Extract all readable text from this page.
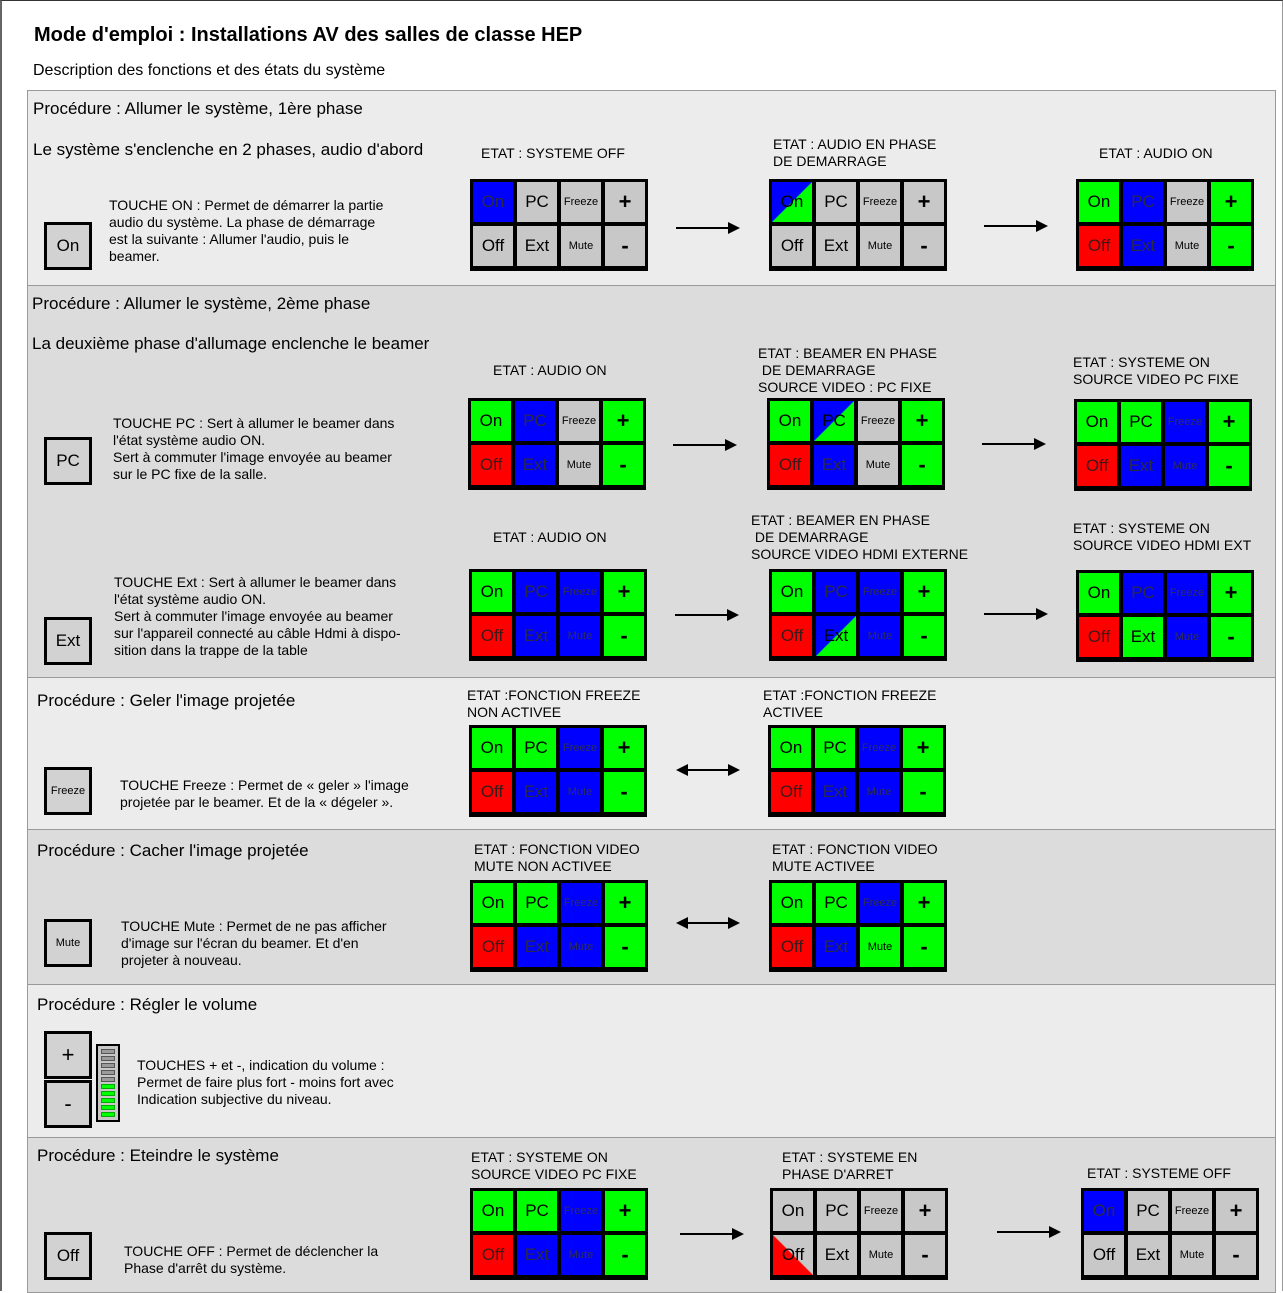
Mode d'emploi : Installations AV des salles de classe HEP
Description des fonctions et des états du système
Procédure : Allumer le système, 1ère phase
Le système s'enclenche en 2 phases, audio d'abord
On
TOUCHE ON : Permet de démarrer la partie
audio du système. La phase de démarrage
est la suivante : Allumer l'audio, puis le
beamer.
ETAT : SYSTEME OFF
ETAT : AUDIO EN PHASE
DE DEMARRAGE	ETAT : AUDIO ON
On PC Freeze +
Off Ext Mute -
On PC Freeze +
Off Ext Mute -
On PC Freeze +
Off Ext Mute -
Procédure : Allumer le système, 2ème phase
La deuxième phase d'allumage enclenche le beamer
PC
TOUCHE PC : Sert à allumer le beamer dans
l'état système audio ON.
Sert à commuter l'image envoyée au beamer
sur le PC fixe de la salle.
ETAT : AUDIO ON
ETAT : BEAMER EN PHASE
DE DEMARRAGE
SOURCE VIDEO : PC FIXE
ETAT : SYSTEME ON
SOURCE VIDEO PC FIXE
On PC Freeze +
Off Ext Mute -
On PC Freeze +
Off Ext Mute -
On PC Freeze +
Off Ext Mute -
Ext
TOUCHE Ext : Sert à allumer le beamer dans
l'état système audio ON.
Sert à commuter l'image envoyée au beamer
sur l'appareil connecté au câble Hdmi à dispo-
sition dans la trappe de la table
ETAT : AUDIO ON
ETAT : BEAMER EN PHASE
DE DEMARRAGE
SOURCE VIDEO HDMI EXTERNE
ETAT : SYSTEME ON
SOURCE VIDEO HDMI EXT
On PC Freeze +
Off Ext Mute -
On PC Freeze +
Off Ext Mute -
On PC Freeze +
Off Ext Mute -
Procédure : Geler l'image projetée
Freeze	TOUCHE Freeze : Permet de « geler » l'image
projetée par le beamer. Et de la « dégeler ».
ETAT :FONCTION FREEZE
NON ACTIVEE
ETAT :FONCTION FREEZE
ACTIVEE
On PC Freeze +
Off Ext Mute -
On PC Freeze +
Off Ext Mute -
Procédure : Cacher l'image projetée
Mute
TOUCHE Mute : Permet de ne pas afficher
d'image sur l'écran du beamer. Et d'en
projeter à nouveau.
ETAT : FONCTION VIDEO
MUTE NON ACTIVEE
ETAT : FONCTION VIDEO
MUTE ACTIVEE
On PC Freeze +
Off Ext Mute -
On PC Freeze +
Off Ext Mute -
Procédure : Régler le volume
+
-
TOUCHES + et -, indication du volume :
Permet de faire plus fort - moins fort avec
Indication subjective du niveau.
Procédure : Eteindre le système
Off	TOUCHE OFF : Permet de déclencher la
Phase d'arrêt du système.
ETAT : SYSTEME ON
SOURCE VIDEO PC FIXE
ETAT : SYSTEME EN
PHASE D'ARRET	ETAT : SYSTEME OFF
On PC Freeze +
Off Ext Mute -
On PC Freeze +
Off Ext Mute -
On PC Freeze +
Off Ext Mute -
